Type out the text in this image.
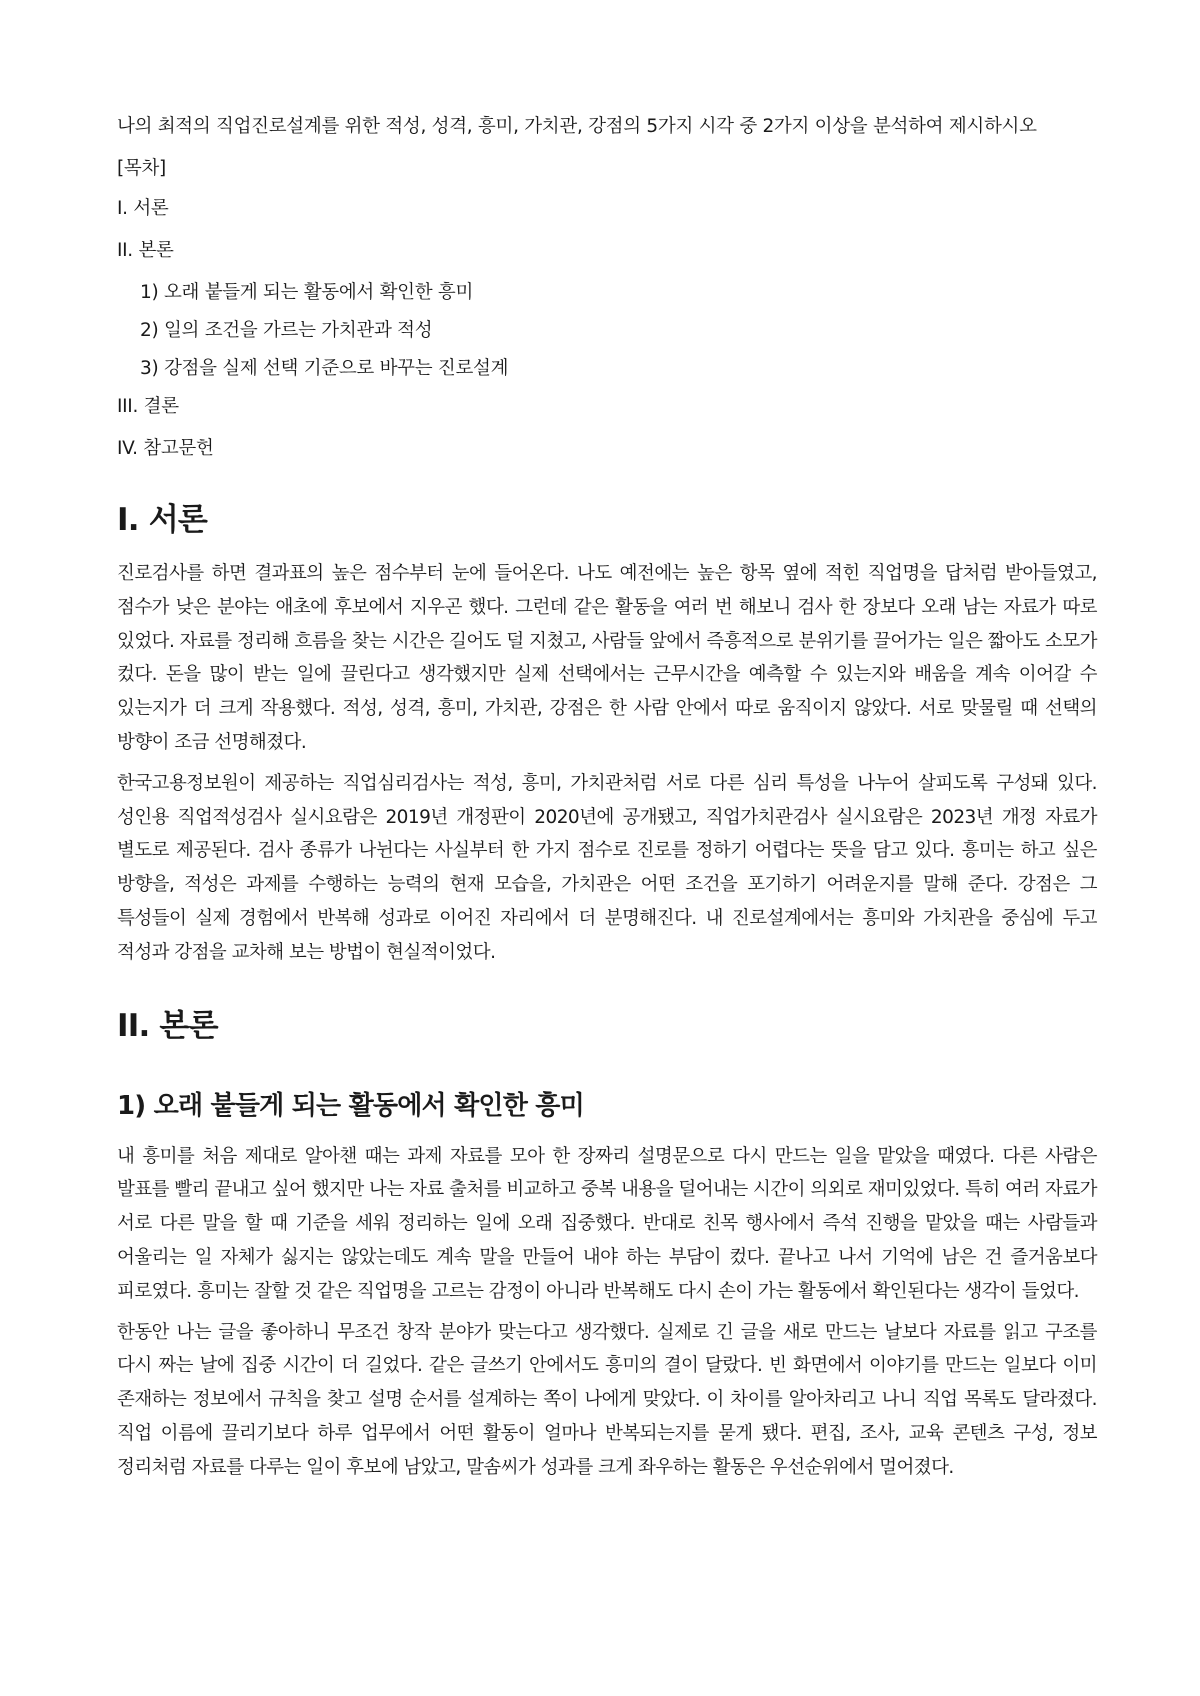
나의 최적의 직업진로설계를 위한 적성, 성격, 흥미, 가치관, 강점의 5가지 시각 중 2가지 이상을 분석하여 제시하시오

[목차]

I. 서론

II. 본론

1) 오래 붙들게 되는 활동에서 확인한 흥미

2) 일의 조건을 가르는 가치관과 적성

3) 강점을 실제 선택 기준으로 바꾸는 진로설계

III. 결론

IV. 참고문헌

I. 서론

진로검사를 하면 결과표의 높은 점수부터 눈에 들어온다. 나도 예전에는 높은 항목 옆에 적힌 직업명을 답처럼 받아들였고, 점수가 낮은 분야는 애초에 후보에서 지우곤 했다. 그런데 같은 활동을 여러 번 해보니 검사 한 장보다 오래 남는 자료가 따로 있었다. 자료를 정리해 흐름을 찾는 시간은 길어도 덜 지쳤고, 사람들 앞에서 즉흥적으로 분위기를 끌어가는 일은 짧아도 소모가 컸다. 돈을 많이 받는 일에 끌린다고 생각했지만 실제 선택에서는 근무시간을 예측할 수 있는지와 배움을 계속 이어갈 수 있는지가 더 크게 작용했다. 적성, 성격, 흥미, 가치관, 강점은 한 사람 안에서 따로 움직이지 않았다. 서로 맞물릴 때 선택의 방향이 조금 선명해졌다.

한국고용정보원이 제공하는 직업심리검사는 적성, 흥미, 가치관처럼 서로 다른 심리 특성을 나누어 살피도록 구성돼 있다. 성인용 직업적성검사 실시요람은 2019년 개정판이 2020년에 공개됐고, 직업가치관검사 실시요람은 2023년 개정 자료가 별도로 제공된다. 검사 종류가 나뉜다는 사실부터 한 가지 점수로 진로를 정하기 어렵다는 뜻을 담고 있다. 흥미는 하고 싶은 방향을, 적성은 과제를 수행하는 능력의 현재 모습을, 가치관은 어떤 조건을 포기하기 어려운지를 말해 준다. 강점은 그 특성들이 실제 경험에서 반복해 성과로 이어진 자리에서 더 분명해진다. 내 진로설계에서는 흥미와 가치관을 중심에 두고 적성과 강점을 교차해 보는 방법이 현실적이었다.

II. 본론
1) 오래 붙들게 되는 활동에서 확인한 흥미

내 흥미를 처음 제대로 알아챈 때는 과제 자료를 모아 한 장짜리 설명문으로 다시 만드는 일을 맡았을 때였다. 다른 사람은 발표를 빨리 끝내고 싶어 했지만 나는 자료 출처를 비교하고 중복 내용을 덜어내는 시간이 의외로 재미있었다. 특히 여러 자료가 서로 다른 말을 할 때 기준을 세워 정리하는 일에 오래 집중했다. 반대로 친목 행사에서 즉석 진행을 맡았을 때는 사람들과 어울리는 일 자체가 싫지는 않았는데도 계속 말을 만들어 내야 하는 부담이 컸다. 끝나고 나서 기억에 남은 건 즐거움보다 피로였다. 흥미는 잘할 것 같은 직업명을 고르는 감정이 아니라 반복해도 다시 손이 가는 활동에서 확인된다는 생각이 들었다.

한동안 나는 글을 좋아하니 무조건 창작 분야가 맞는다고 생각했다. 실제로 긴 글을 새로 만드는 날보다 자료를 읽고 구조를 다시 짜는 날에 집중 시간이 더 길었다. 같은 글쓰기 안에서도 흥미의 결이 달랐다. 빈 화면에서 이야기를 만드는 일보다 이미 존재하는 정보에서 규칙을 찾고 설명 순서를 설계하는 쪽이 나에게 맞았다. 이 차이를 알아차리고 나니 직업 목록도 달라졌다. 직업 이름에 끌리기보다 하루 업무에서 어떤 활동이 얼마나 반복되는지를 묻게 됐다. 편집, 조사, 교육 콘텐츠 구성, 정보 정리처럼 자료를 다루는 일이 후보에 남았고, 말솜씨가 성과를 크게 좌우하는 활동은 우선순위에서 멀어졌다.
